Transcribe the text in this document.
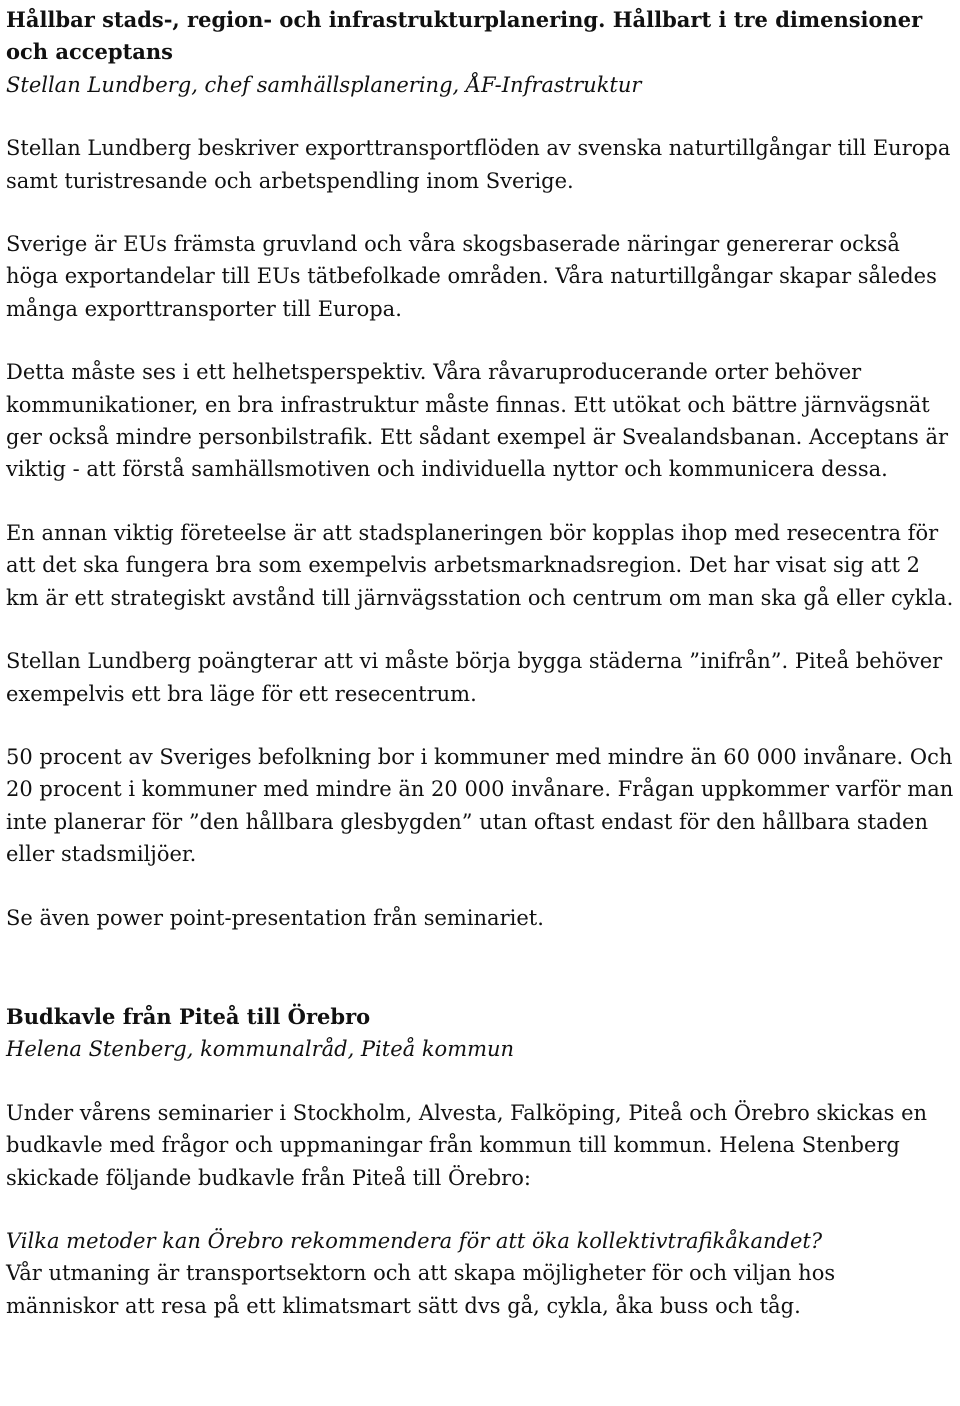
Hållbar stads-, region- och infrastrukturplanering. Hållbart i tre dimensioner och acceptans

Stellan Lundberg, chef samhällsplanering, ÅF-Infrastruktur

Stellan Lundberg beskriver exporttransportflöden av svenska naturtillgångar till Europa samt turistresande och arbetspendling inom Sverige.

Sverige är EUs främsta gruvland och våra skogsbaserade näringar genererar också höga exportandelar till EUs tätbefolkade områden. Våra naturtillgångar skapar således många exporttransporter till Europa.

Detta måste ses i ett helhetsperspektiv. Våra råvaruproducerande orter behöver kommunikationer, en bra infrastruktur måste finnas. Ett utökat och bättre järnvägsnät ger också mindre personbilstrafik. Ett sådant exempel är Svealandsbanan. Acceptans är viktig - att förstå samhällsmotiven och individuella nyttor och kommunicera dessa.

En annan viktig företeelse är att stadsplaneringen bör kopplas ihop med resecentra för att det ska fungera bra som exempelvis arbetsmarknadsregion. Det har visat sig att 2 km är ett strategiskt avstånd till järnvägsstation och centrum om man ska gå eller cykla.

Stellan Lundberg poängterar att vi måste börja bygga städerna ”inifrån”. Piteå behöver exempelvis ett bra läge för ett resecentrum.

50 procent av Sveriges befolkning bor i kommuner med mindre än 60 000 invånare. Och 20 procent i kommuner med mindre än 20 000 invånare. Frågan uppkommer varför man inte planerar för ”den hållbara glesbygden” utan oftast endast för den hållbara staden eller stadsmiljöer.

Se även power point-presentation från seminariet.

Budkavle från Piteå till Örebro

Helena Stenberg, kommunalråd, Piteå kommun

Under vårens seminarier i Stockholm, Alvesta, Falköping, Piteå och Örebro skickas en budkavle med frågor och uppmaningar från kommun till kommun. Helena Stenberg skickade följande budkavle från Piteå till Örebro:

Vilka metoder kan Örebro rekommendera för att öka kollektivtrafikåkandet?

Vår utmaning är transportsektorn och att skapa möjligheter för och viljan hos människor att resa på ett klimatsmart sätt dvs gå, cykla, åka buss och tåg.
